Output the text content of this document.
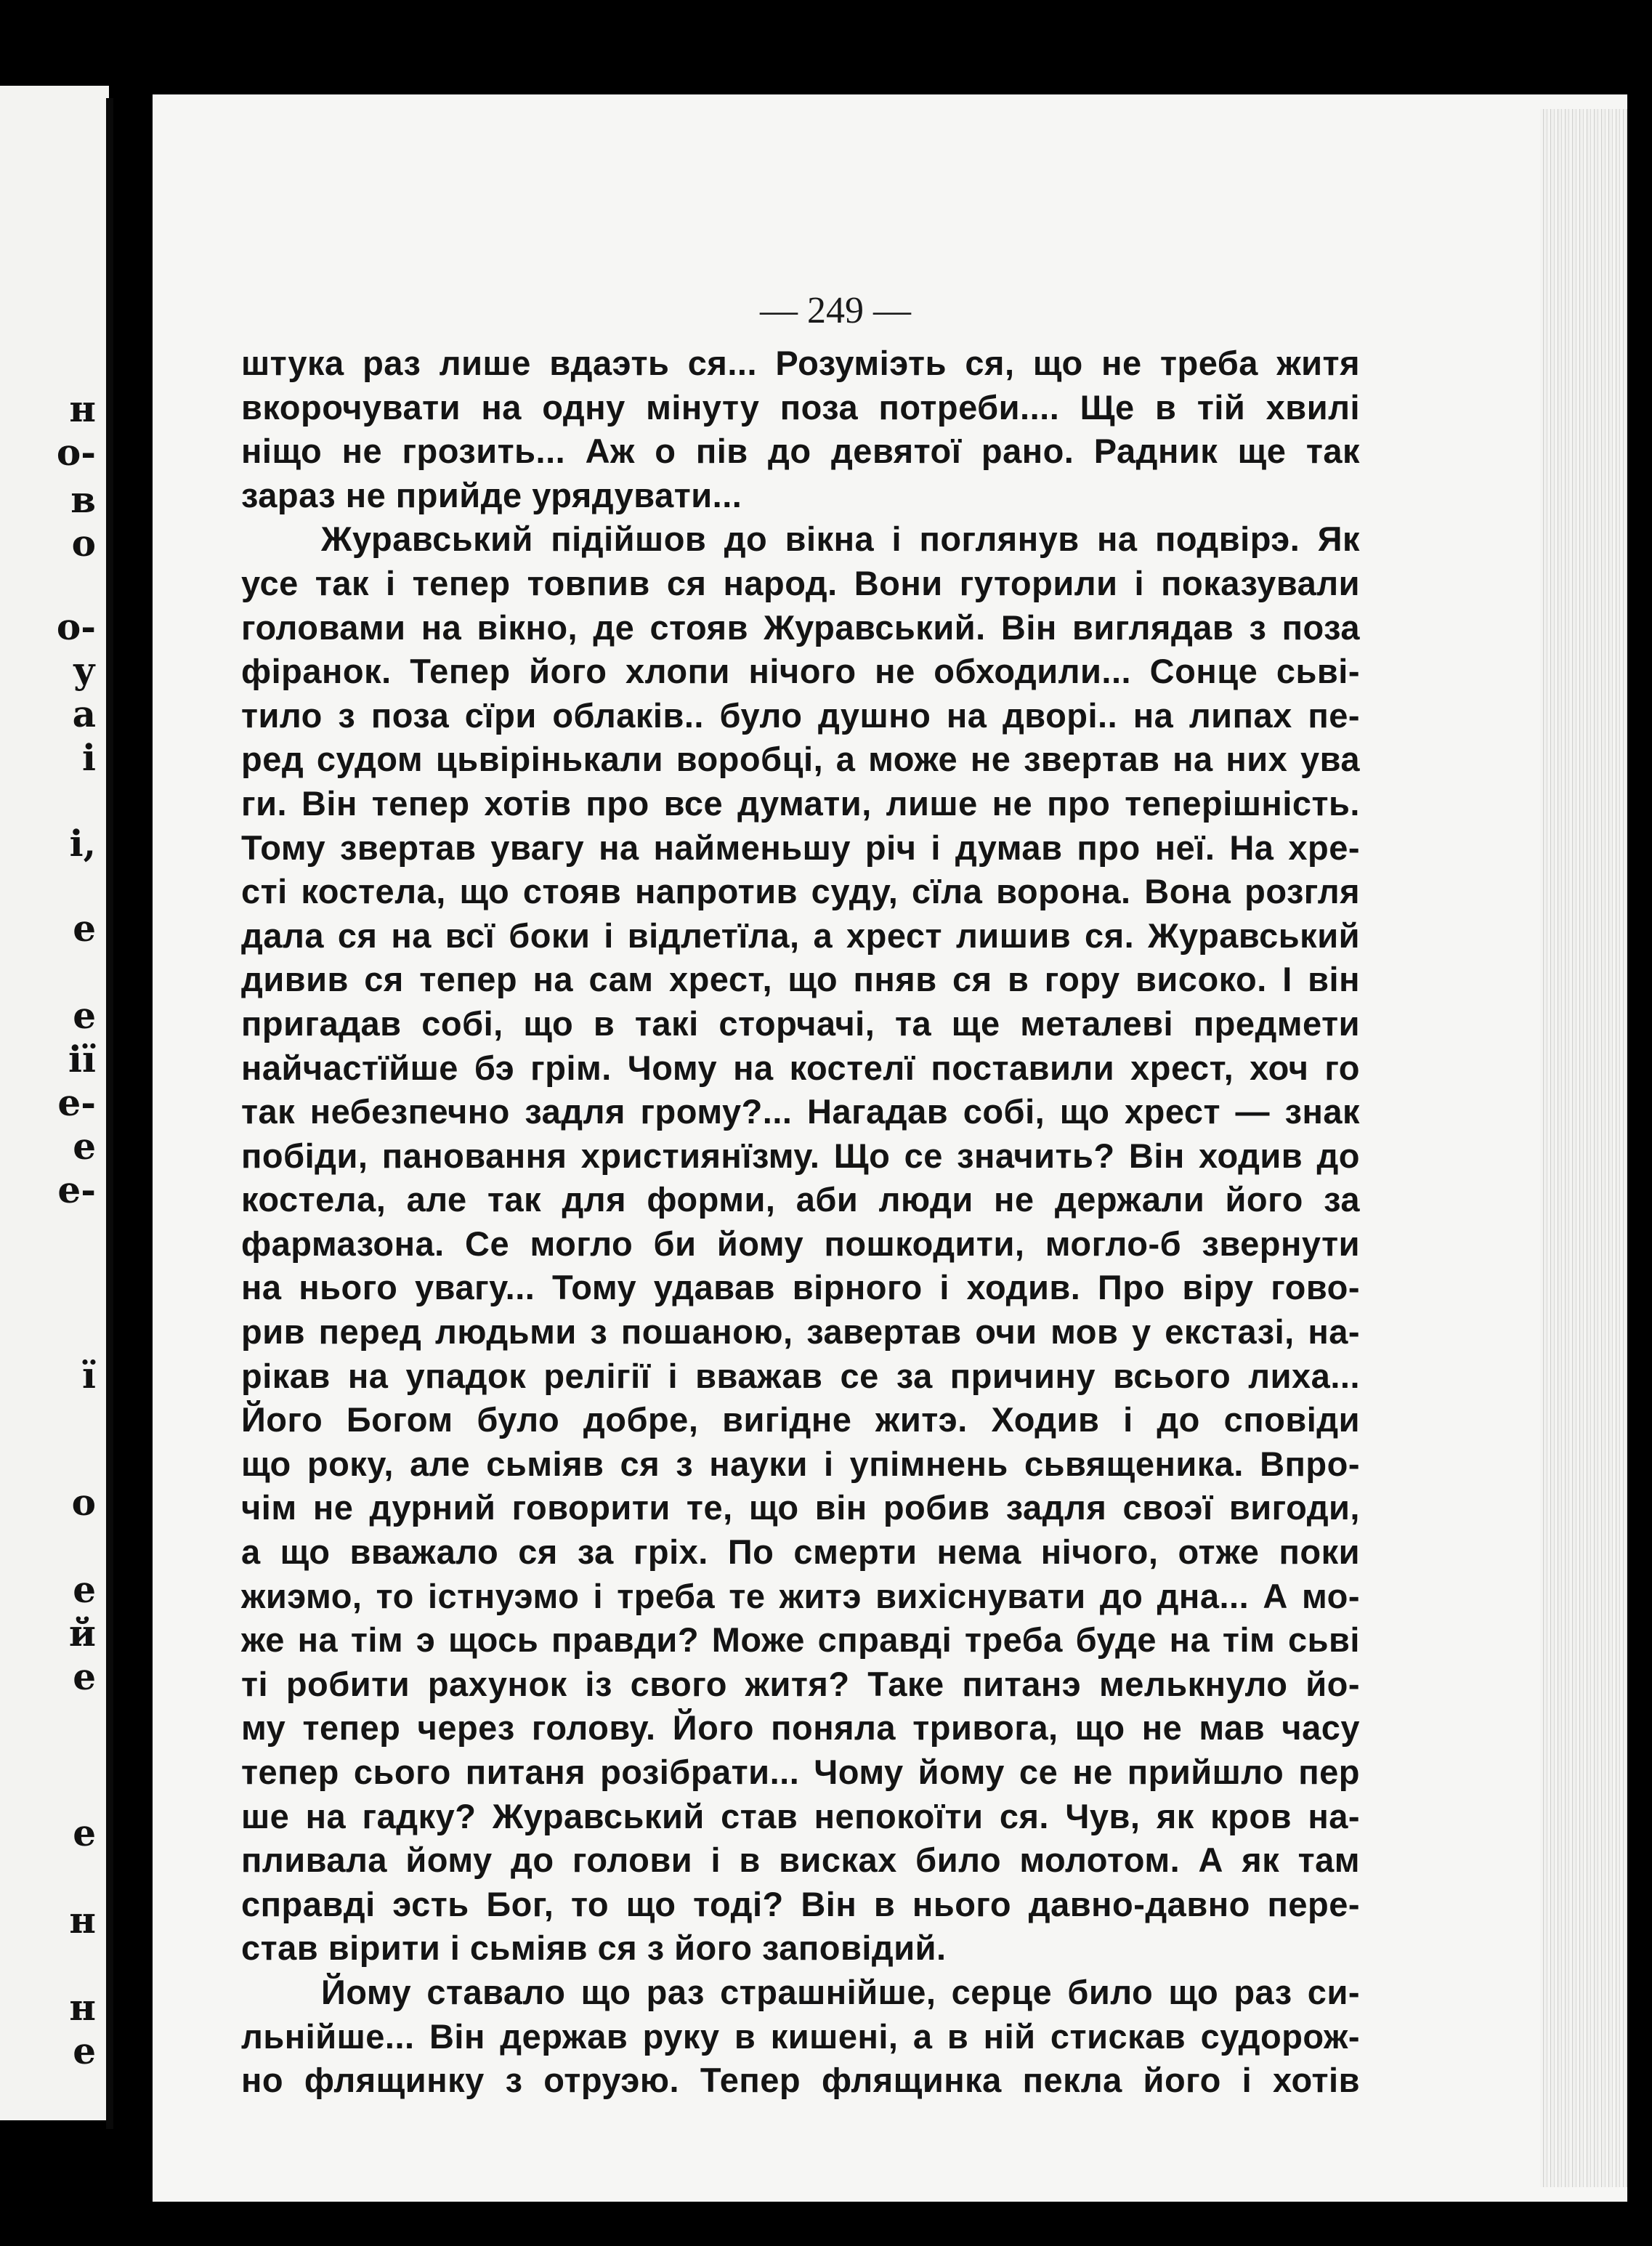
н
о-
в
о
о-
у
а
і
і,
е
е
ії
е-
е
е-
ї
о
е
й
е
е
н
н
е
— 249 —
штука раз лише вдаэть ся... Розуміэть ся, що не треба житя
вкорочувати на одну мінуту поза потреби.... Ще в тій хвилі
ніщо не грозить... Аж о пів до девятої рано. Радник ще так
зараз не прийде урядувати...
Журавський підійшов до вікна і поглянув на подвірэ. Як
усе так і тепер товпив ся народ. Вони гуторили і показували
головами на вікно, де стояв Журавський. Він виглядав з поза
фіранок. Тепер його хлопи нічого не обходили... Сонце сьві-
тило з поза сїри облаків.. було душно на дворі.. на липах пе-
ред судом цьвірінькали воробці, а може не звертав на них ува
ги. Він тепер хотів про все думати, лише не про теперішність.
Тому звертав увагу на найменьшу річ і думав про неї. На хре-
сті костела, що стояв напротив суду, сїла ворона. Вона розгля
дала ся на всї боки і відлетїла, а хрест лишив ся. Журавський
дивив ся тепер на сам хрест, що пняв ся в гору високо. І він
пригадав собі, що в такі сторчачі, та ще металеві предмети
найчастїйше бэ грім. Чому на костелї поставили хрест, хоч го
так небезпечно задля грому?... Нагадав собі, що хрест — знак
побіди, пановання християнїзму. Що се значить? Він ходив до
костела, але так для форми, аби люди не держали його за
фармазона. Се могло би йому пошкодити, могло-б звернути
на нього увагу... Тому удавав вірного і ходив. Про віру гово-
рив перед людьми з пошаною, завертав очи мов у екстазі, на-
рікав на упадок релігії і вважав се за причину всього лиха...
Його Богом було добре, вигідне житэ. Ходив і до сповіди
що року, але сьміяв ся з науки і упімнень сьвященика. Впро-
чім не дурний говорити те, що він робив задля своэї вигоди,
а що вважало ся за гріх. По смерти нема нічого, отже поки
жиэмо, то істнуэмо і треба те житэ вихіснувати до дна... А мо-
же на тім э щось правди? Може справді треба буде на тім сьві
ті робити рахунок із свого житя? Таке питанэ мелькнуло йо-
му тепер через голову. Його поняла тривога, що не мав часу
тепер сього питаня розібрати... Чому йому се не прийшло пер
ше на гадку? Журавський став непокоїти ся. Чув, як кров на-
пливала йому до голови і в висках било молотом. А як там
справді эсть Бог, то що тоді? Він в нього давно-давно пере-
став вірити і сьміяв ся з його заповідий.
Йому ставало що раз страшнійше, серце било що раз си-
льнійше... Він держав руку в кишені, а в ній стискав судорож-
но флящинку з отруэю. Тепер флящинка пекла його і хотів
